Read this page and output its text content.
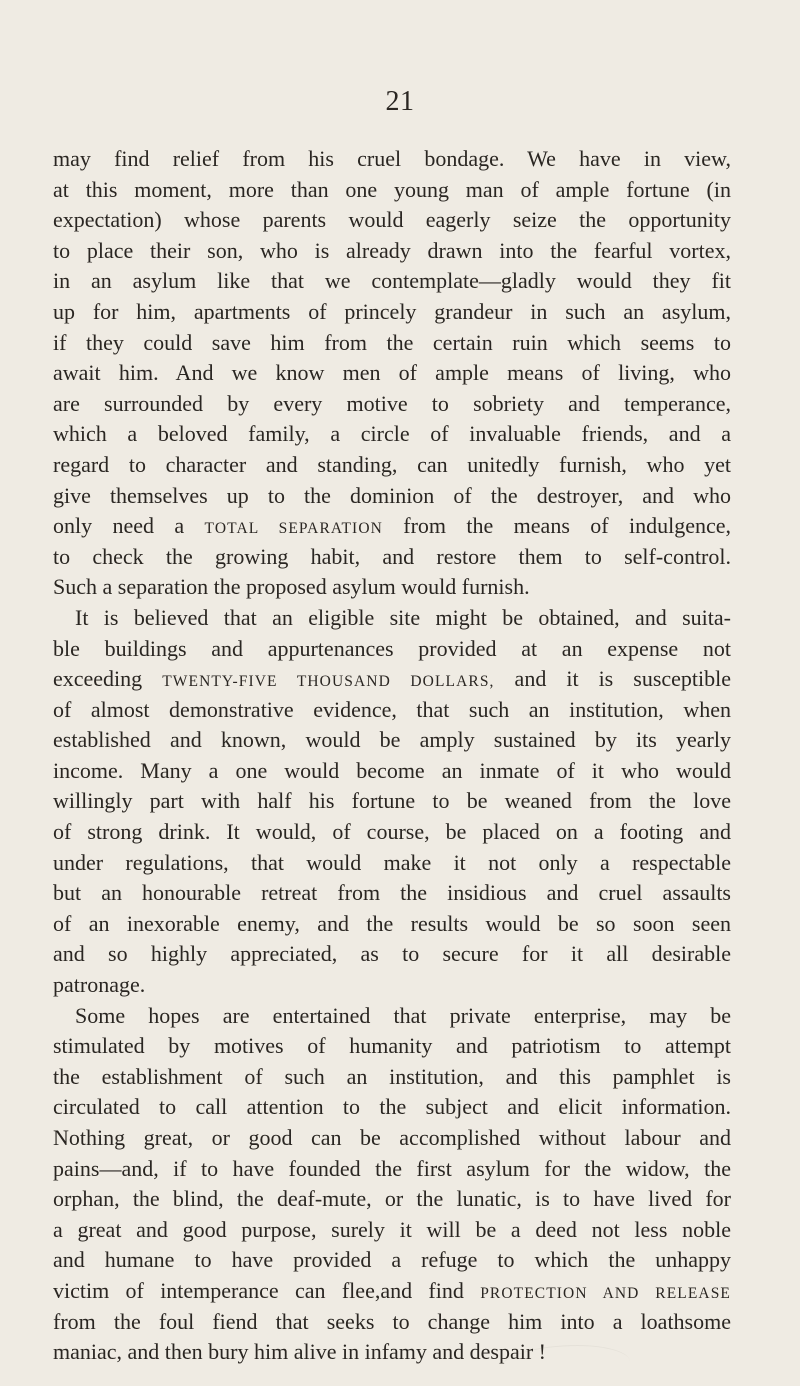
21
may find relief from his cruel bondage. We have in view,
at this moment, more than one young man of ample fortune (in
expectation) whose parents would eagerly seize the opportunity
to place their son, who is already drawn into the fearful vortex,
in an asylum like that we contemplate—gladly would they fit
up for him, apartments of princely grandeur in such an asylum,
if they could save him from the certain ruin which seems to
await him. And we know men of ample means of living, who
are surrounded by every motive to sobriety and temperance,
which a beloved family, a circle of invaluable friends, and a
regard to character and standing, can unitedly furnish, who yet
give themselves up to the dominion of the destroyer, and who
only need a TOTAL SEPARATION from the means of indulgence,
to check the growing habit, and restore them to self-control.
Such a separation the proposed asylum would furnish.
It is believed that an eligible site might be obtained, and suita-
ble buildings and appurtenances provided at an expense not
exceeding TWENTY-FIVE THOUSAND DOLLARS, and it is susceptible
of almost demonstrative evidence, that such an institution, when
established and known, would be amply sustained by its yearly
income. Many a one would become an inmate of it who would
willingly part with half his fortune to be weaned from the love
of strong drink. It would, of course, be placed on a footing and
under regulations, that would make it not only a respectable
but an honourable retreat from the insidious and cruel assaults
of an inexorable enemy, and the results would be so soon seen
and so highly appreciated, as to secure for it all desirable
patronage.
Some hopes are entertained that private enterprise, may be
stimulated by motives of humanity and patriotism to attempt
the establishment of such an institution, and this pamphlet is
circulated to call attention to the subject and elicit information.
Nothing great, or good can be accomplished without labour and
pains—and, if to have founded the first asylum for the widow, the
orphan, the blind, the deaf-mute, or the lunatic, is to have lived for
a great and good purpose, surely it will be a deed not less noble
and humane to have provided a refuge to which the unhappy
victim of intemperance can flee,and find PROTECTION AND RELEASE
from the foul fiend that seeks to change him into a loathsome
maniac, and then bury him alive in infamy and despair !
